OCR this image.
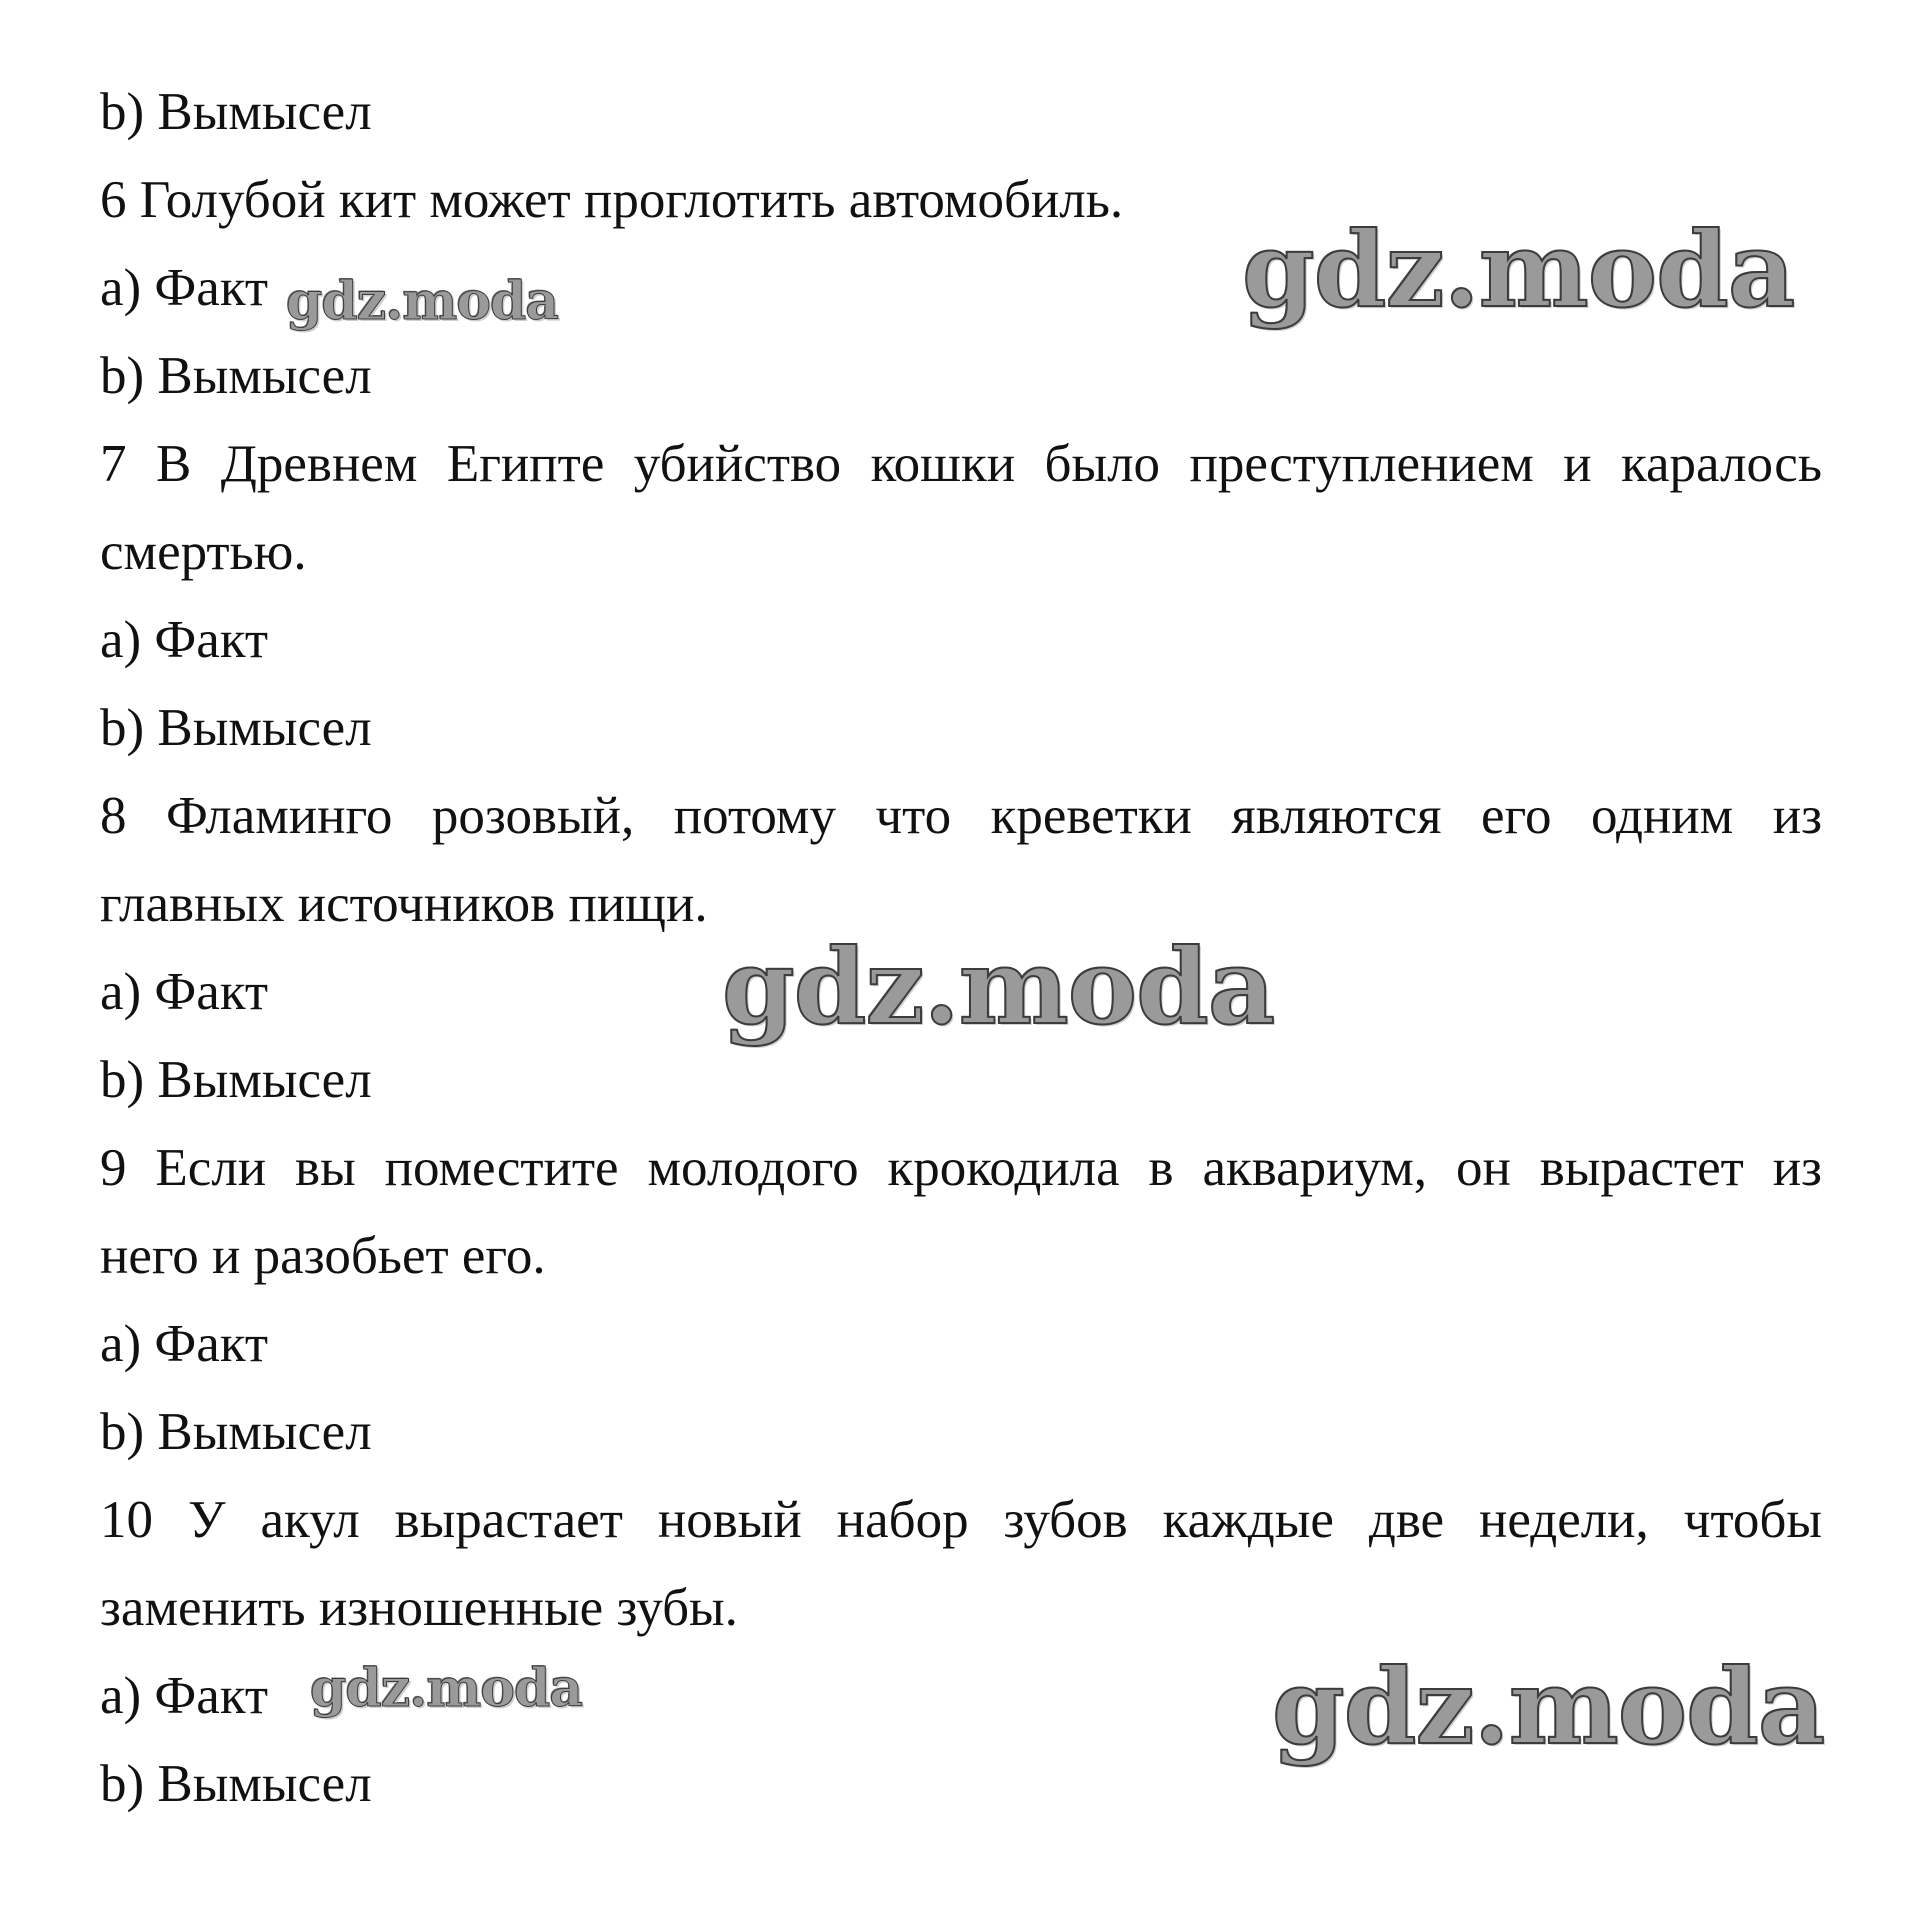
b) Вымысел
6 Голубой кит может проглотить автомобиль.
a) Факт
b) Вымысел
7 В Древнем Египте убийство кошки было преступлением и каралось
смертью.
a) Факт
b) Вымысел
8 Фламинго розовый, потому что креветки являются его одним из
главных источников пищи.
a) Факт
b) Вымысел
9 Если вы поместите молодого крокодила в аквариум, он вырастет из
него и разобьет его.
a) Факт
b) Вымысел
10 У акул вырастает новый набор зубов каждые две недели, чтобы
заменить изношенные зубы.
a) Факт
b) Вымысел
gdz.moda
gdz.moda
gdz.moda
gdz.moda	gdz.moda
